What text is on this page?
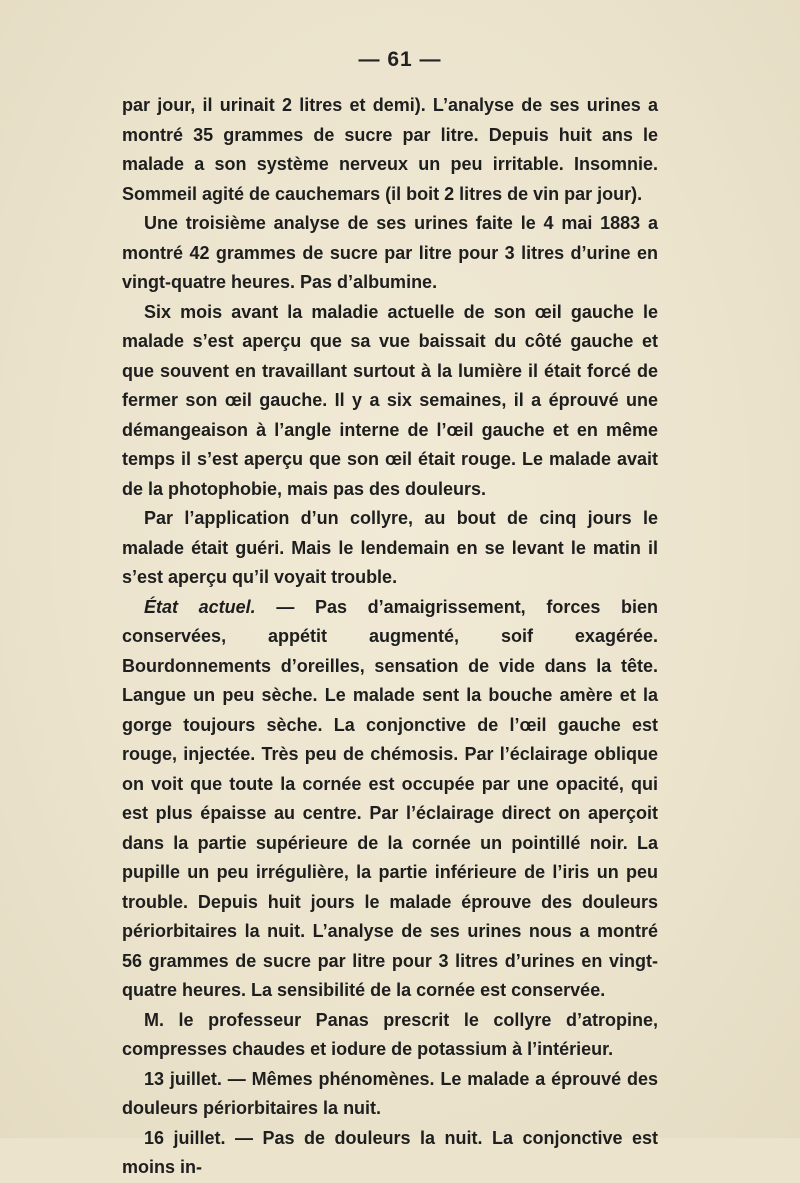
— 61 —

par jour, il urinait 2 litres et demi). L’analyse de ses urines a montré 35 grammes de sucre par litre. Depuis huit ans le malade a son système nerveux un peu irritable. Insomnie. Sommeil agité de cauchemars (il boit 2 litres de vin par jour).

Une troisième analyse de ses urines faite le 4 mai 1883 a montré 42 grammes de sucre par litre pour 3 litres d’urine en vingt-quatre heures. Pas d’albumine.

Six mois avant la maladie actuelle de son œil gauche le malade s’est aperçu que sa vue baissait du côté gauche et que souvent en travaillant surtout à la lumière il était forcé de fermer son œil gauche. Il y a six semaines, il a éprouvé une démangeaison à l’angle interne de l’œil gauche et en même temps il s’est aperçu que son œil était rouge. Le malade avait de la photophobie, mais pas des douleurs.

Par l’application d’un collyre, au bout de cinq jours le malade était guéri. Mais le lendemain en se levant le matin il s’est aperçu qu’il voyait trouble.

État actuel. — Pas d’amaigrissement, forces bien conservées, appétit augmenté, soif exagérée. Bourdonnements d’oreilles, sensation de vide dans la tête. Langue un peu sèche. Le malade sent la bouche amère et la gorge toujours sèche. La conjonctive de l’œil gauche est rouge, injectée. Très peu de chémosis. Par l’éclairage oblique on voit que toute la cornée est occupée par une opacité, qui est plus épaisse au centre. Par l’éclairage direct on aperçoit dans la partie supérieure de la cornée un pointillé noir. La pupille un peu irrégulière, la partie inférieure de l’iris un peu trouble. Depuis huit jours le malade éprouve des douleurs périorbitaires la nuit. L’analyse de ses urines nous a montré 56 grammes de sucre par litre pour 3 litres d’urines en vingt-quatre heures. La sensibilité de la cornée est conservée.

M. le professeur Panas prescrit le collyre d’atropine, compresses chaudes et iodure de potassium à l’intérieur.

13 juillet. — Mêmes phénomènes. Le malade a éprouvé des douleurs périorbitaires la nuit.

16 juillet. — Pas de douleurs la nuit. La conjonctive est moins in-
